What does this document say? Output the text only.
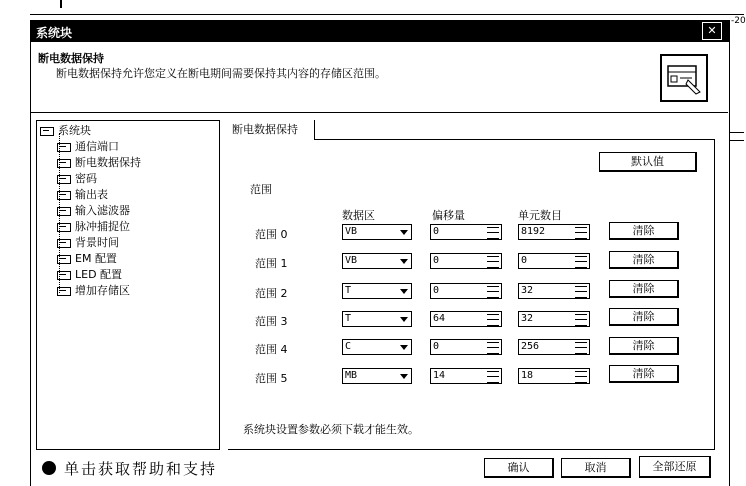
-20
系统块	✕
断电数据保持
断电数据保持允许您定义在断电期间需要保持其内容的存储区范围。
系统块
通信端口
断电数据保持
密码
输出表
输入滤波器
脉冲捕捉位
背景时间
EM 配置
LED 配置
增加存储区
断电数据保持
默认值
范围
数据区	偏移量	单元数目
范围 0	VB	0	8192	清除
范围 1	VB	0	0	清除
范围 2	T	0	32	清除
范围 3	T	64	32	清除
范围 4	C	0	256	清除
范围 5	MB	14	18	清除
系统块设置参数必须下载才能生效。
单击获取帮助和支持	确认	取消	全部还原
